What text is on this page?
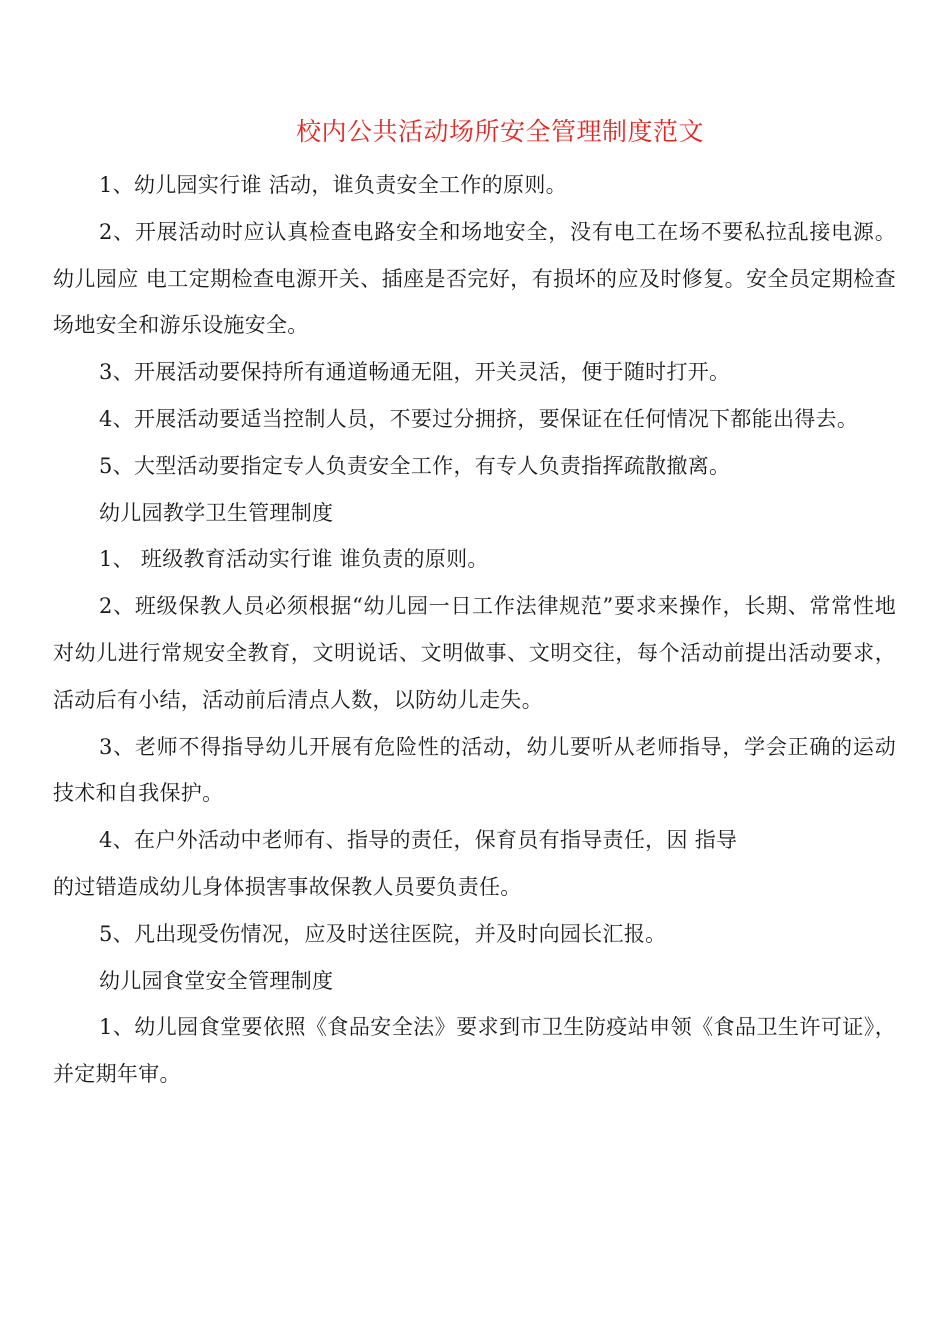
校内公共活动场所安全管理制度范文

1、幼儿园实行谁 活动，谁负责安全工作的原则。

2、开展活动时应认真检查电路安全和场地安全，没有电工在场不要私拉乱接电源。幼儿园应 电工定期检查电源开关、插座是否完好，有损坏的应及时修复。安全员定期检查场地安全和游乐设施安全。

3、开展活动要保持所有通道畅通无阻，开关灵活，便于随时打开。

4、开展活动要适当控制人员，不要过分拥挤，要保证在任何情况下都能出得去。

5、大型活动要指定专人负责安全工作，有专人负责指挥疏散撤离。

幼儿园教学卫生管理制度

1、 班级教育活动实行谁 谁负责的原则。

2、班级保教人员必须根据“幼儿园一日工作法律规范”要求来操作，长期、常常性地对幼儿进行常规安全教育，文明说话、文明做事、文明交往，每个活动前提出活动要求，活动后有小结，活动前后清点人数，以防幼儿走失。

3、老师不得指导幼儿开展有危险性的活动，幼儿要听从老师指导，学会正确的运动技术和自我保护。

4、在户外活动中老师有、指导的责任，保育员有指导责任，因 指导

的过错造成幼儿身体损害事故保教人员要负责任。

5、凡出现受伤情况，应及时送往医院，并及时向园长汇报。

幼儿园食堂安全管理制度

1、幼儿园食堂要依照《食品安全法》要求到市卫生防疫站申领《食品卫生许可证》，并定期年审。
